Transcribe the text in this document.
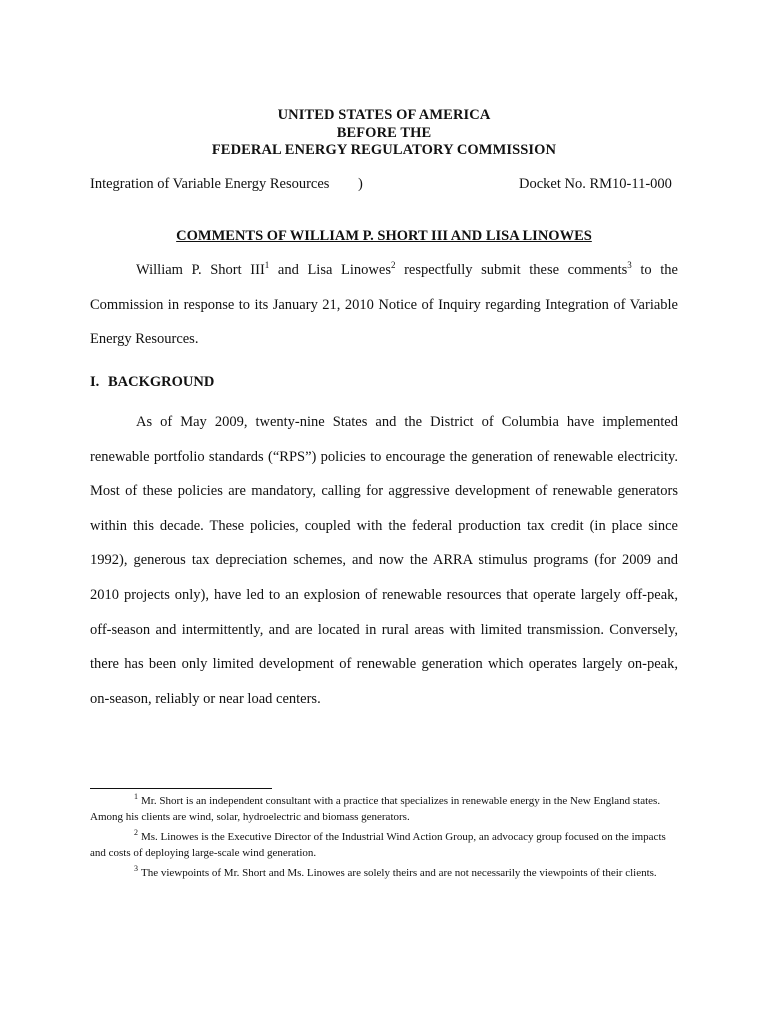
UNITED STATES OF AMERICA
BEFORE THE
FEDERAL ENERGY REGULATORY COMMISSION
Integration of Variable Energy Resources )	Docket No. RM10-11-000
COMMENTS OF WILLIAM P. SHORT III AND LISA LINOWES

William P. Short III$^1$ and Lisa Linowes$^2$ respectfully submit these comments$^3$ to the Commission in response to its January 21, 2010 Notice of Inquiry regarding Integration of Variable Energy Resources.

I. BACKGROUND

As of May 2009, twenty-nine States and the District of Columbia have implemented renewable portfolio standards (“RPS”) policies to encourage the generation of renewable electricity. Most of these policies are mandatory, calling for aggressive development of renewable generators within this decade. These policies, coupled with the federal production tax credit (in place since 1992), generous tax depreciation schemes, and now the ARRA stimulus programs (for 2009 and 2010 projects only), have led to an explosion of renewable resources that operate largely off-peak, off-season and intermittently, and are located in rural areas with limited transmission. Conversely, there has been only limited development of renewable generation which operates largely on-peak, on-season, reliably or near load centers.

$^1$ Mr. Short is an independent consultant with a practice that specializes in renewable energy in the New England states. Among his clients are wind, solar, hydroelectric and biomass generators.

$^2$ Ms. Linowes is the Executive Director of the Industrial Wind Action Group, an advocacy group focused on the impacts and costs of deploying large-scale wind generation.

$^3$ The viewpoints of Mr. Short and Ms. Linowes are solely theirs and are not necessarily the viewpoints of their clients.
